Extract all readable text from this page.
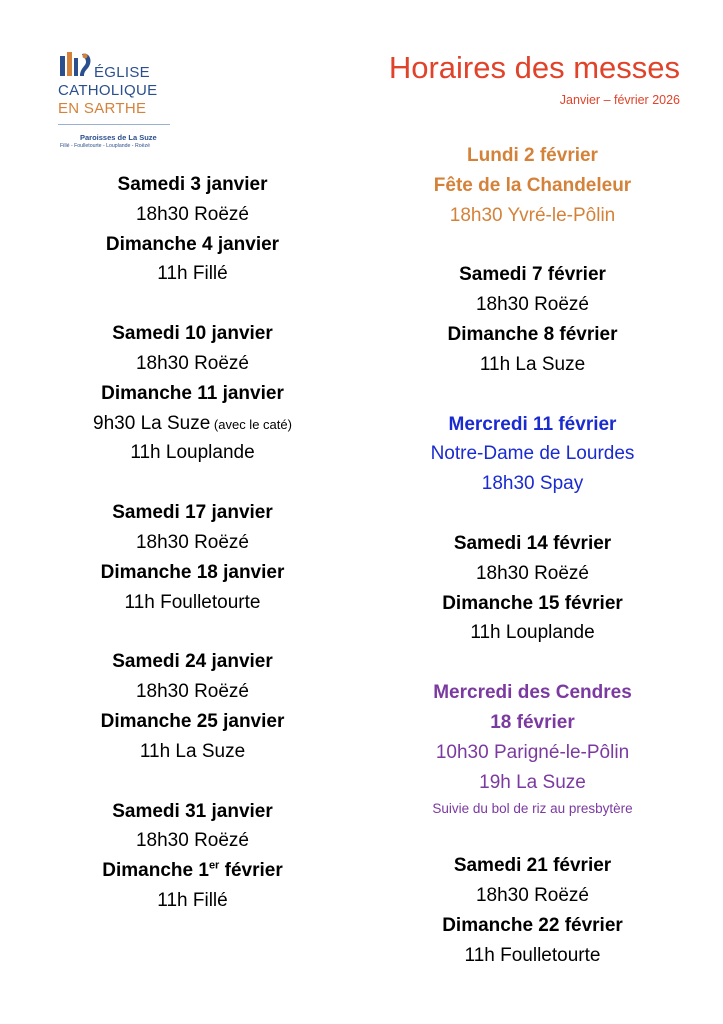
ÉGLISE
CATHOLIQUE
EN SARTHE
Paroisses de La Suze
Fillé - Foulletourte - Louplande - Roëzé
Horaires des messes
Janvier – février 2026
Samedi 3 janvier
18h30 Roëzé
Dimanche 4 janvier
11h Fillé
Samedi 10 janvier
18h30 Roëzé
Dimanche 11 janvier
9h30 La Suze (avec le caté)
11h Louplande
Samedi 17 janvier
18h30 Roëzé
Dimanche 18 janvier
11h Foulletourte
Samedi 24 janvier
18h30 Roëzé
Dimanche 25 janvier
11h La Suze
Samedi 31 janvier
18h30 Roëzé
Dimanche 1er février
11h Fillé
Lundi 2 février
Fête de la Chandeleur
18h30 Yvré-le-Pôlin
Samedi 7 février
18h30 Roëzé
Dimanche 8 février
11h La Suze
Mercredi 11 février
Notre-Dame de Lourdes
18h30 Spay
Samedi 14 février
18h30 Roëzé
Dimanche 15 février
11h Louplande
Mercredi des Cendres
18 février
10h30 Parigné-le-Pôlin
19h La Suze
Suivie du bol de riz au presbytère
Samedi 21 février
18h30 Roëzé
Dimanche 22 février
11h Foulletourte
